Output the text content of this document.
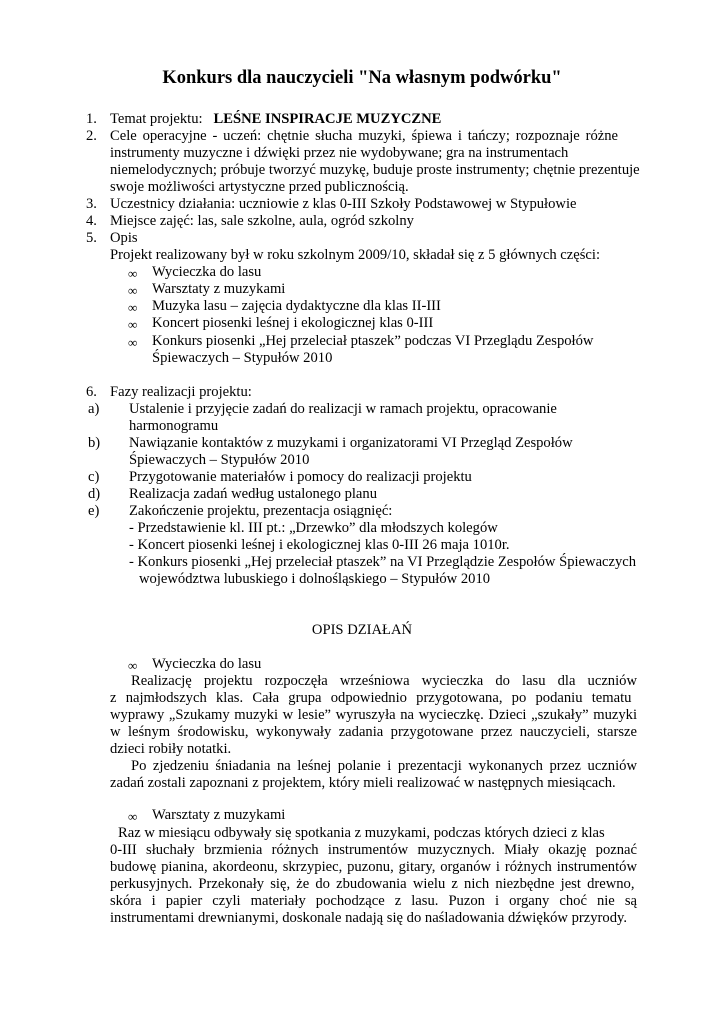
Konkurs dla nauczycieli "Na własnym podwórku"
1. Temat projektu: LEŚNE INSPIRACJE MUZYCZNE
2. Cele operacyjne - uczeń: chętnie słucha muzyki, śpiewa i tańczy; rozpoznaje różne
instrumenty muzyczne i dźwięki przez nie wydobywane; gra na instrumentach
niemelodycznych; próbuje tworzyć muzykę, buduje proste instrumenty; chętnie prezentuje
swoje możliwości artystyczne przed publicznością.
3. Uczestnicy działania: uczniowie z klas 0-III Szkoły Podstawowej w Stypułowie
4. Miejsce zajęć: las, sale szkolne, aula, ogród szkolny
5. Opis
Projekt realizowany był w roku szkolnym 2009/10, składał się z 5 głównych części:
∞ Wycieczka do lasu
∞ Warsztaty z muzykami
∞ Muzyka lasu – zajęcia dydaktyczne dla klas II-III
∞ Koncert piosenki leśnej i ekologicznej klas 0-III
∞ Konkurs piosenki „Hej przeleciał ptaszek” podczas VI Przeglądu Zespołów
Śpiewaczych – Stypułów 2010
6. Fazy realizacji projektu:
a) Ustalenie i przyjęcie zadań do realizacji w ramach projektu, opracowanie
harmonogramu
b) Nawiązanie kontaktów z muzykami i organizatorami VI Przegląd Zespołów
Śpiewaczych – Stypułów 2010
c) Przygotowanie materiałów i pomocy do realizacji projektu
d) Realizacja zadań według ustalonego planu
e) Zakończenie projektu, prezentacja osiągnięć:
- Przedstawienie kl. III pt.: „Drzewko” dla młodszych kolegów
- Koncert piosenki leśnej i ekologicznej klas 0-III 26 maja 1010r.
- Konkurs piosenki „Hej przeleciał ptaszek” na VI Przeglądzie Zespołów Śpiewaczych
województwa lubuskiego i dolnośląskiego – Stypułów 2010
OPIS DZIAŁAŃ
∞ Wycieczka do lasu
Realizację projektu rozpoczęła wrześniowa wycieczka do lasu dla uczniów
z najmłodszych klas. Cała grupa odpowiednio przygotowana, po podaniu tematu
wyprawy „Szukamy muzyki w lesie” wyruszyła na wycieczkę. Dzieci „szukały” muzyki
w leśnym środowisku, wykonywały zadania przygotowane przez nauczycieli, starsze
dzieci robiły notatki.
Po zjedzeniu śniadania na leśnej polanie i prezentacji wykonanych przez uczniów
zadań zostali zapoznani z projektem, który mieli realizować w następnych miesiącach.
∞ Warsztaty z muzykami
Raz w miesiącu odbywały się spotkania z muzykami, podczas których dzieci z klas
0-III słuchały brzmienia różnych instrumentów muzycznych. Miały okazję poznać
budowę pianina, akordeonu, skrzypiec, puzonu, gitary, organów i różnych instrumentów
perkusyjnych. Przekonały się, że do zbudowania wielu z nich niezbędne jest drewno,
skóra i papier czyli materiały pochodzące z lasu. Puzon i organy choć nie są
instrumentami drewnianymi, doskonale nadają się do naśladowania dźwięków przyrody.
